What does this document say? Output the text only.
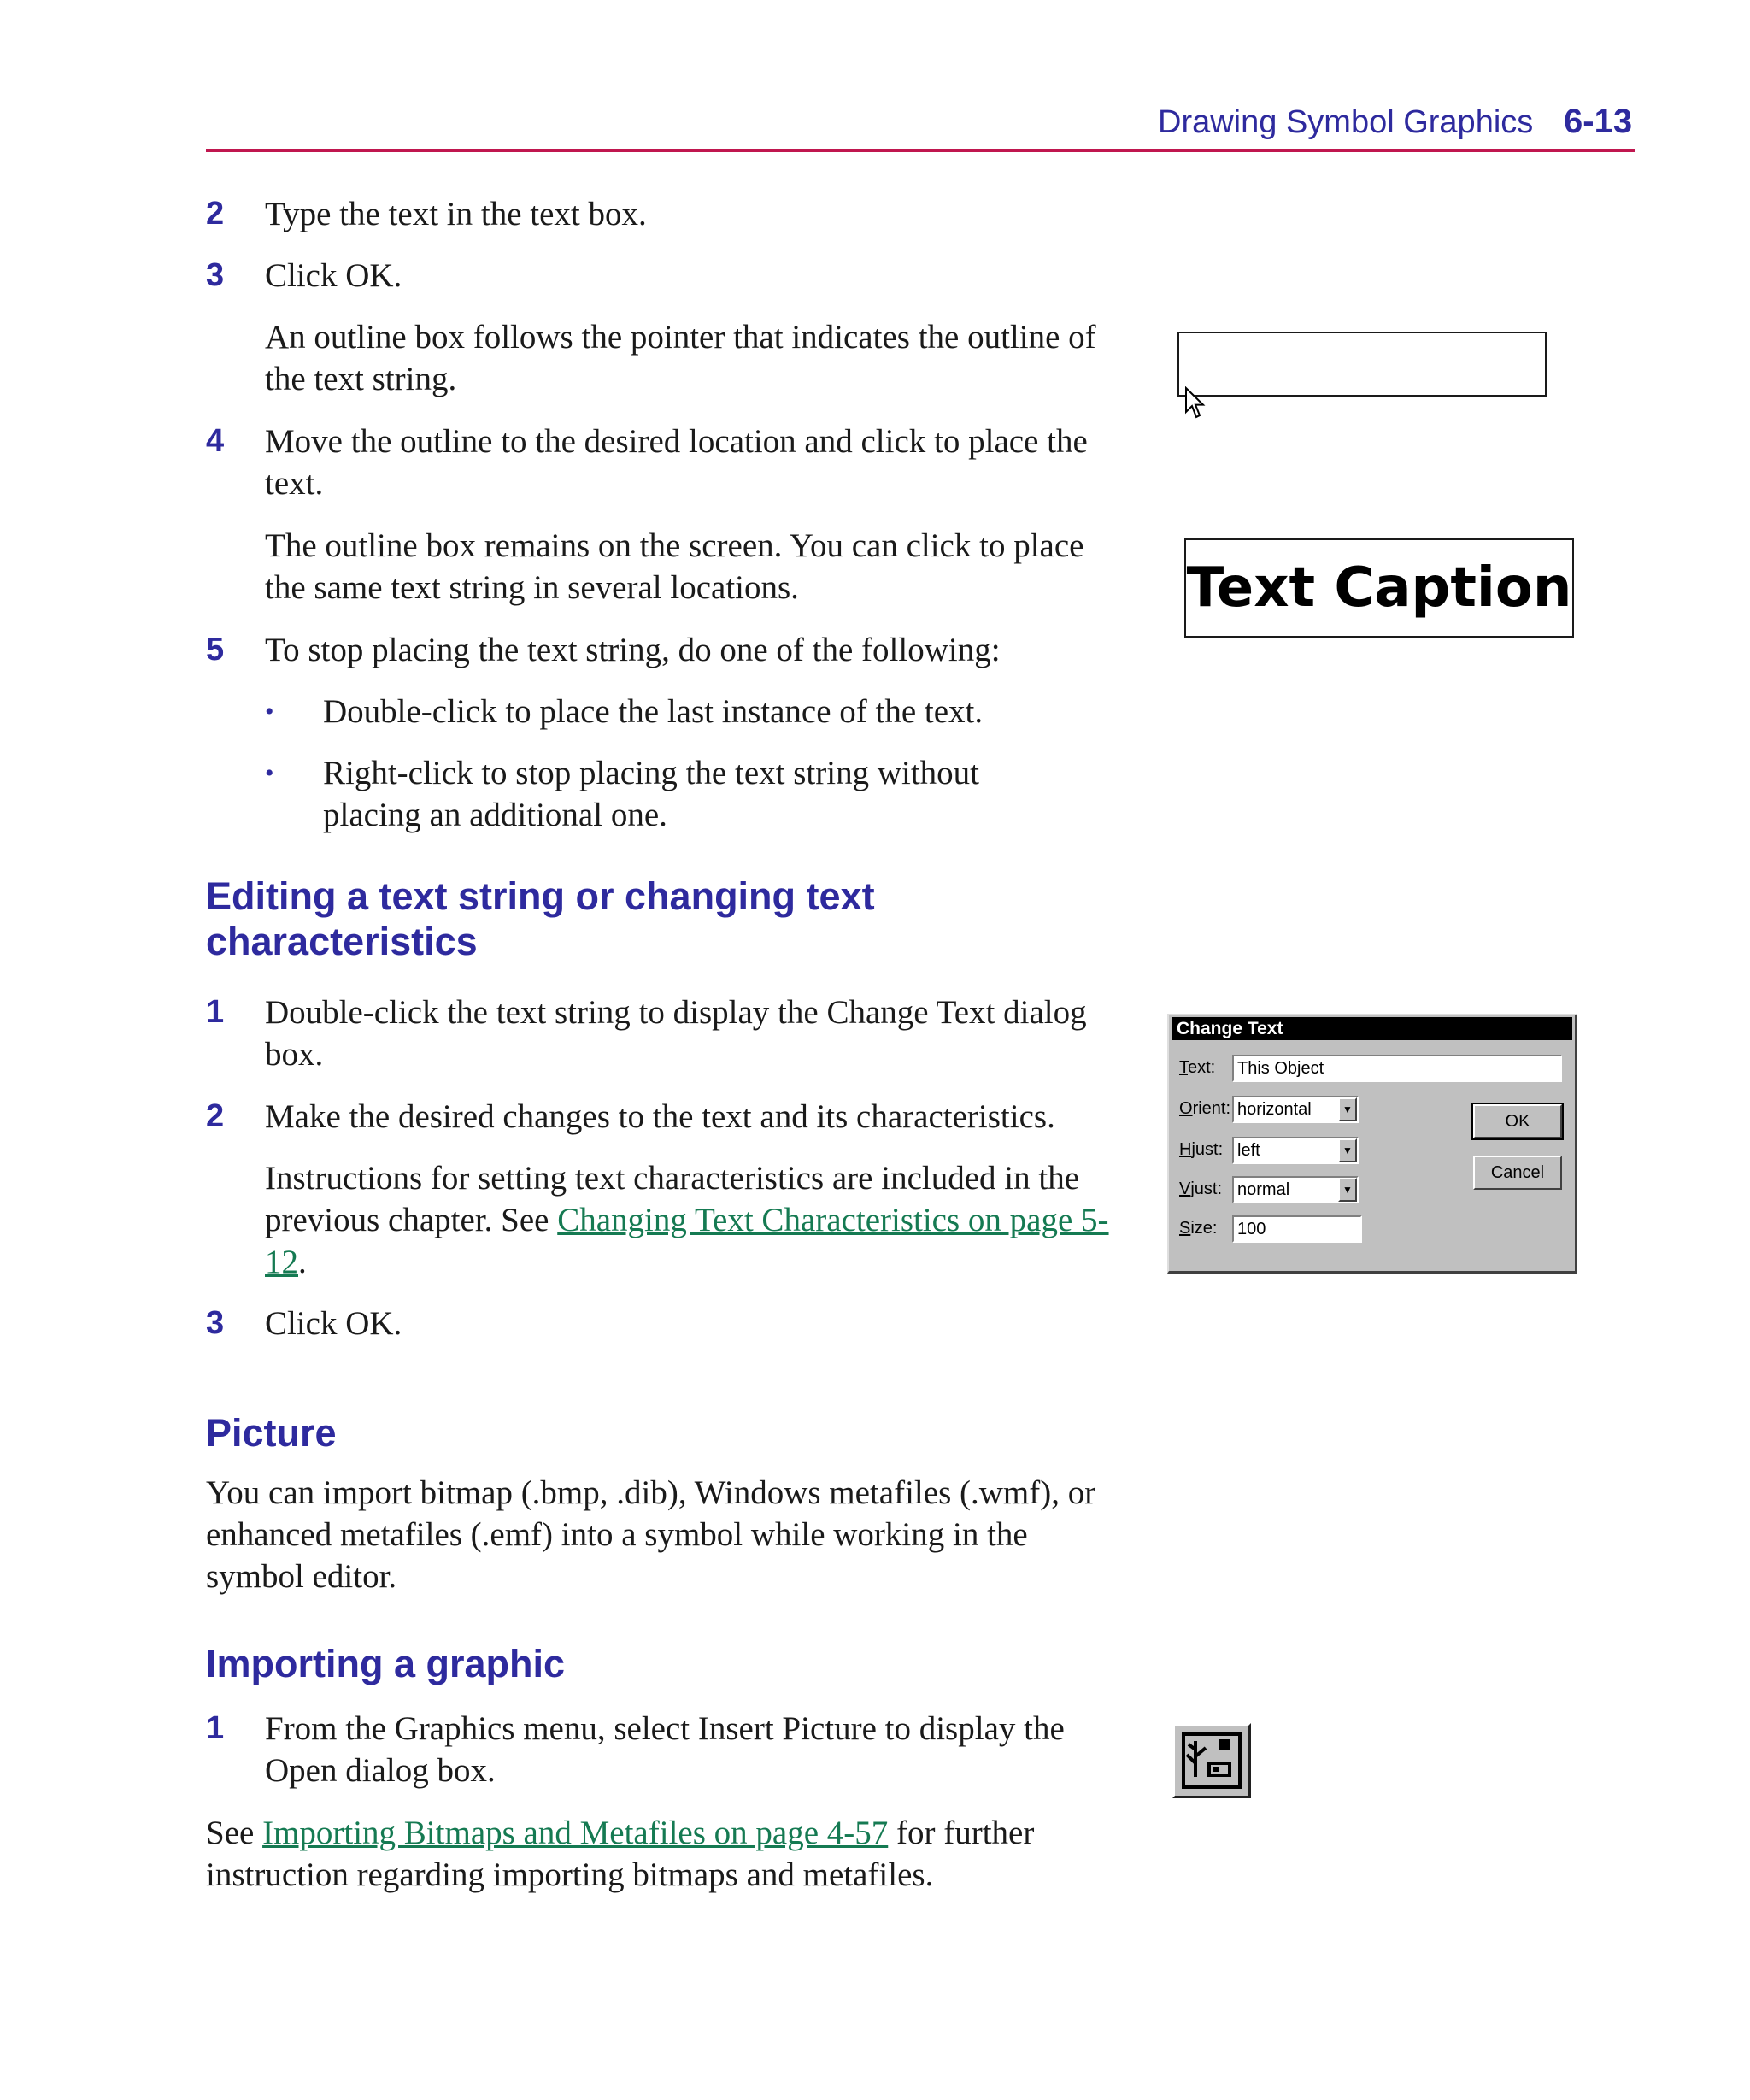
Drawing Symbol Graphics 6-13
2 Type the text in the text box.
3 Click OK.
An outline box follows the pointer that indicates the outline of the text string.
4 Move the outline to the desired location and click to place the text.
The outline box remains on the screen. You can click to place the same text string in several locations.
5 To stop placing the text string, do one of the following:
• Double-click to place the last instance of the text.
• Right-click to stop placing the text string without placing an additional one.
Text Caption
Editing a text string or changing text characteristics
1 Double-click the text string to display the Change Text dialog box.
2 Make the desired changes to the text and its characteristics.
Instructions for setting text characteristics are included in the previous chapter. See Changing Text Characteristics on page 5-12.
3 Click OK.
Change Text
Text:	This Object
Orient: horizontal	▼
Hjust: left	▼
Vjust: normal	▼
Size:	100
OK
Cancel
Picture
You can import bitmap (.bmp, .dib), Windows metafiles (.wmf), or enhanced metafiles (.emf) into a symbol while working in the symbol editor.
Importing a graphic
1 From the Graphics menu, select Insert Picture to display the Open dialog box.
See Importing Bitmaps and Metafiles on page 4-57 for further instruction regarding importing bitmaps and metafiles.
